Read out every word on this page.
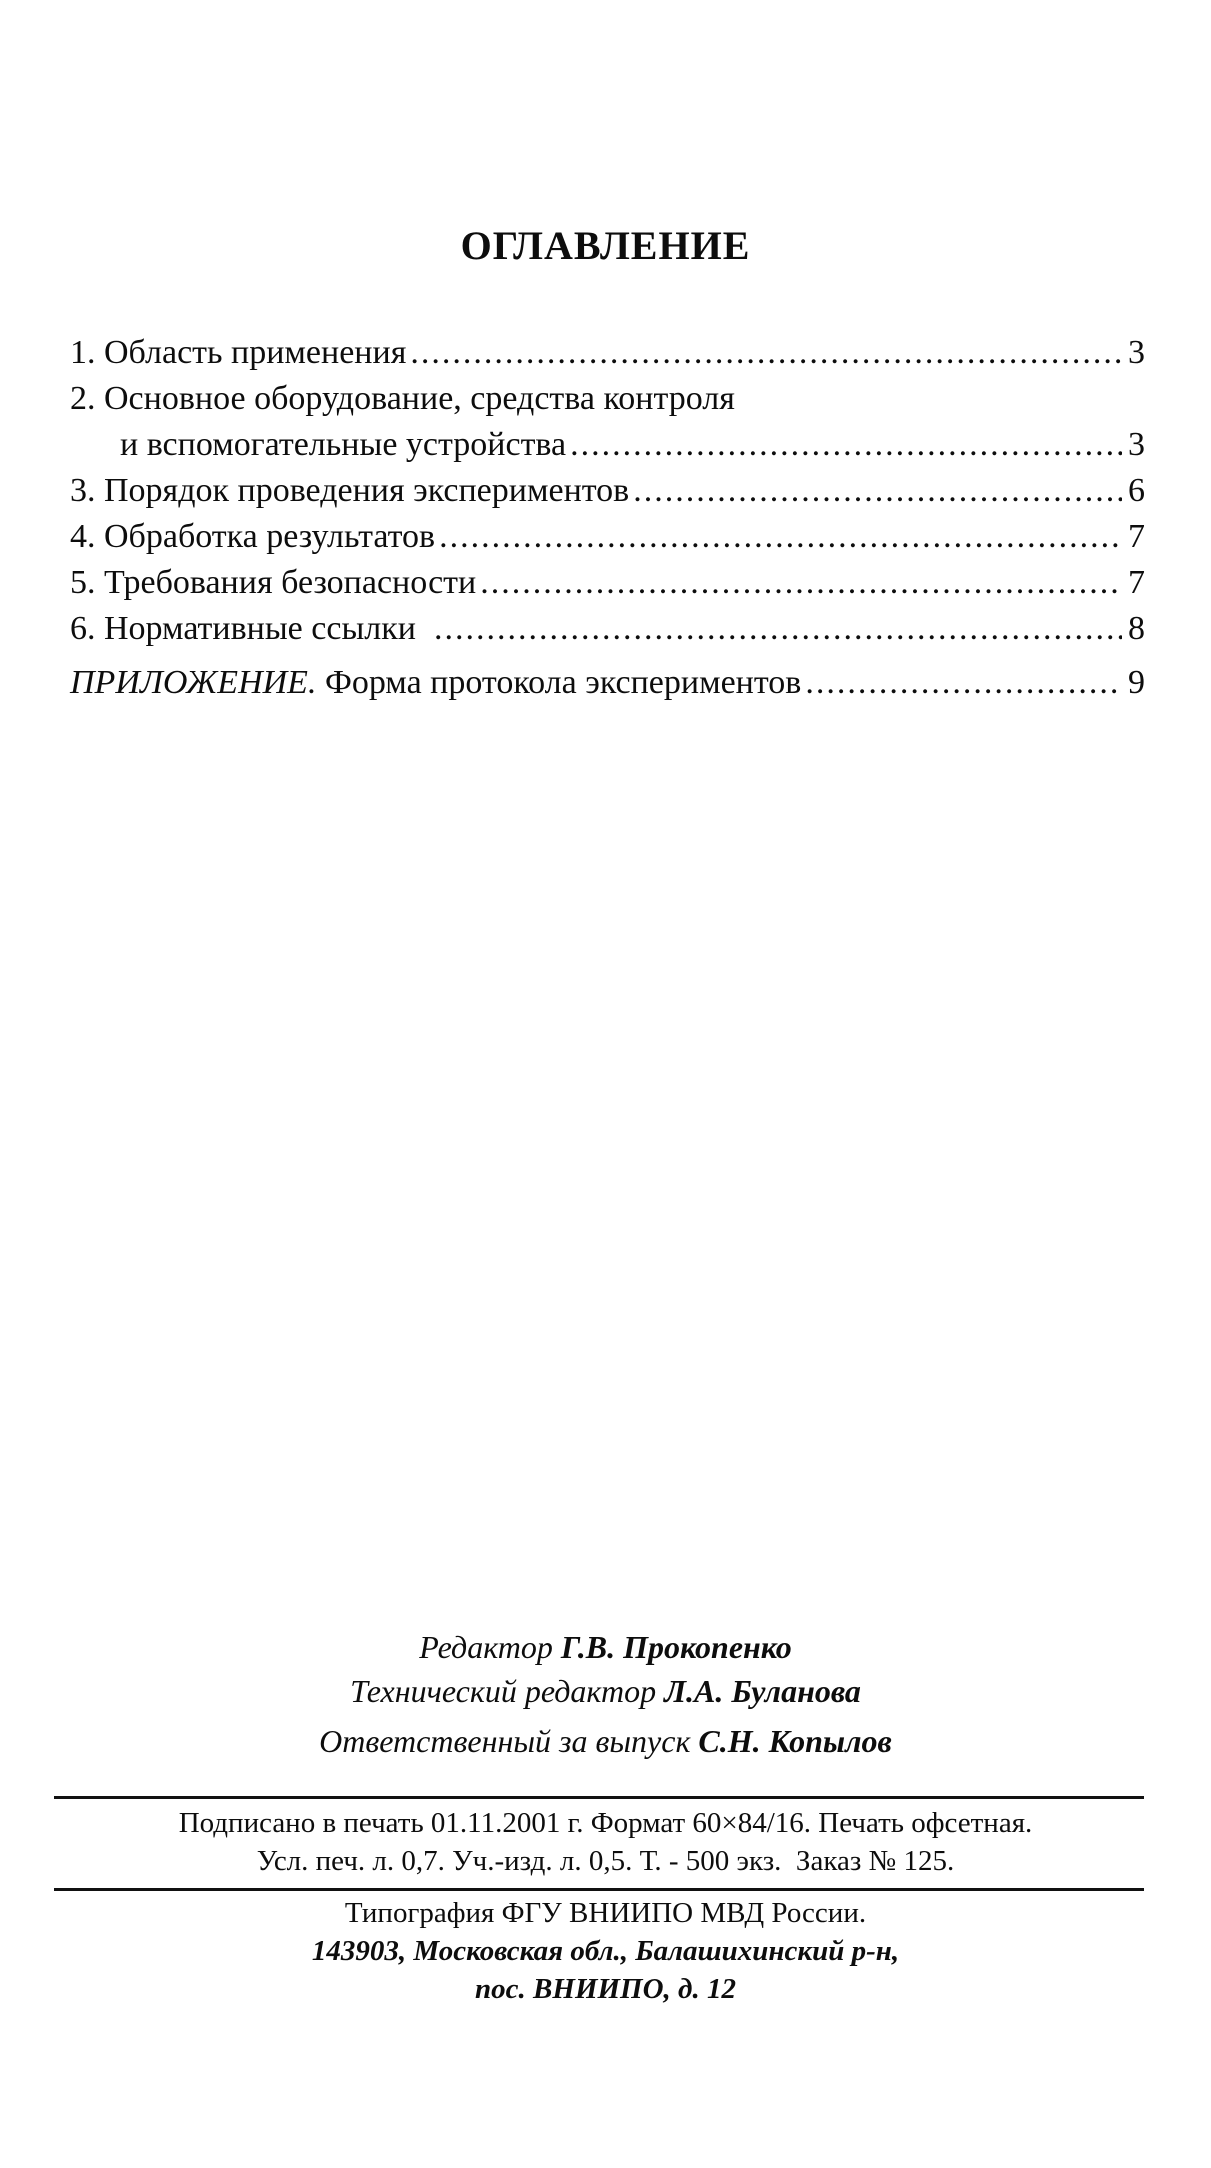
ОГЛАВЛЕНИЕ
1. Область применения .....	3
2. Основное оборудование, средства контроля
и вспомогательные устройства .....	3
3. Порядок проведения экспериментов .....	6
4. Обработка результатов .....	7
5. Требования безопасности .....	7
6. Нормативные ссылки .....	8
ПРИЛОЖЕНИЕ. Форма протокола экспериментов .....	9
Редактор Г.В. Прокопенко
Технический редактор Л.А. Буланова
Ответственный за выпуск С.Н. Копылов
Подписано в печать 01.11.2001 г. Формат 60×84/16. Печать офсетная.
Усл. печ. л. 0,7. Уч.-изд. л. 0,5. Т. - 500 экз.  Заказ № 125.
Типография ФГУ ВНИИПО МВД России.
143903, Московская обл., Балашихинский р-н,
пос. ВНИИПО, д. 12
